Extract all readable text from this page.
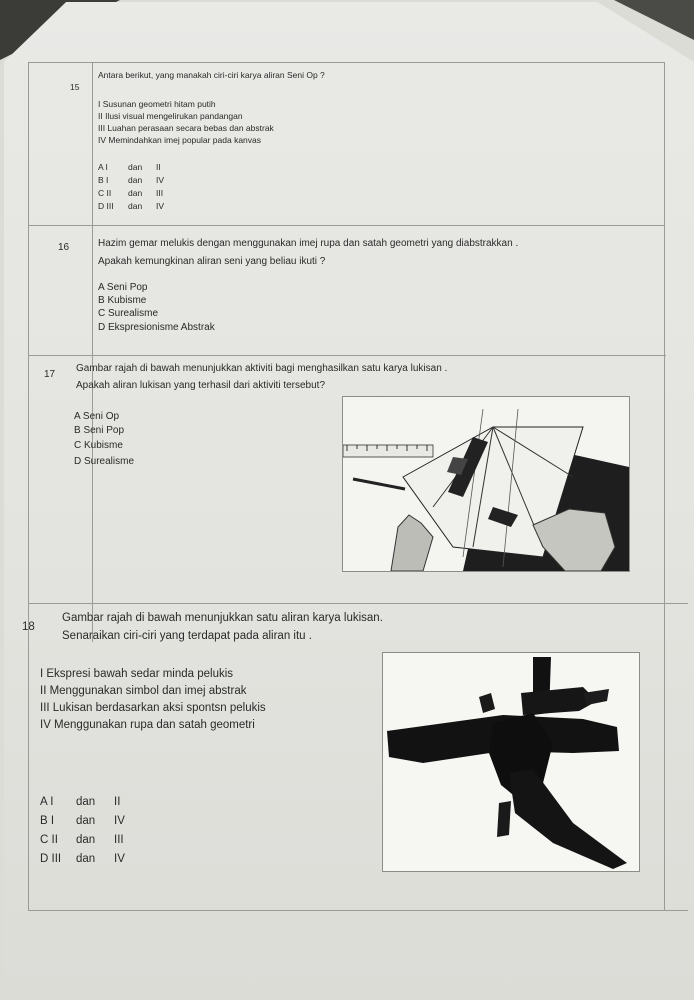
15
Antara berikut, yang manakah ciri-ciri karya aliran Seni Op ?
I Susunan geometri hitam putih
II Ilusi visual mengelirukan pandangan
III Luahan perasaan secara bebas dan abstrak
IV Memindahkan imej popular pada kanvas
A I dan II
B I dan IV
C II dan III
D III dan IV
16	Hazim gemar melukis dengan menggunakan imej rupa dan satah geometri yang diabstrakkan .
Apakah kemungkinan aliran seni yang beliau ikuti ?
A Seni Pop
B Kubisme
C Surealisme
D Ekspresionisme Abstrak
17
Gambar rajah di bawah menunjukkan aktiviti bagi menghasilkan satu karya lukisan .
Apakah aliran lukisan yang terhasil dari aktiviti tersebut?
A Seni Op
B Seni Pop
C Kubisme
D Surealisme
18
Gambar rajah di bawah menunjukkan satu aliran karya lukisan.
Senaraikan ciri-ciri yang terdapat pada aliran itu .
I Ekspresi bawah sedar minda pelukis
II Menggunakan simbol dan imej abstrak
III Lukisan berdasarkan aksi spontsn pelukis
IV Menggunakan rupa dan satah geometri
A I dan II
B I dan IV
C II dan III
D III dan IV
